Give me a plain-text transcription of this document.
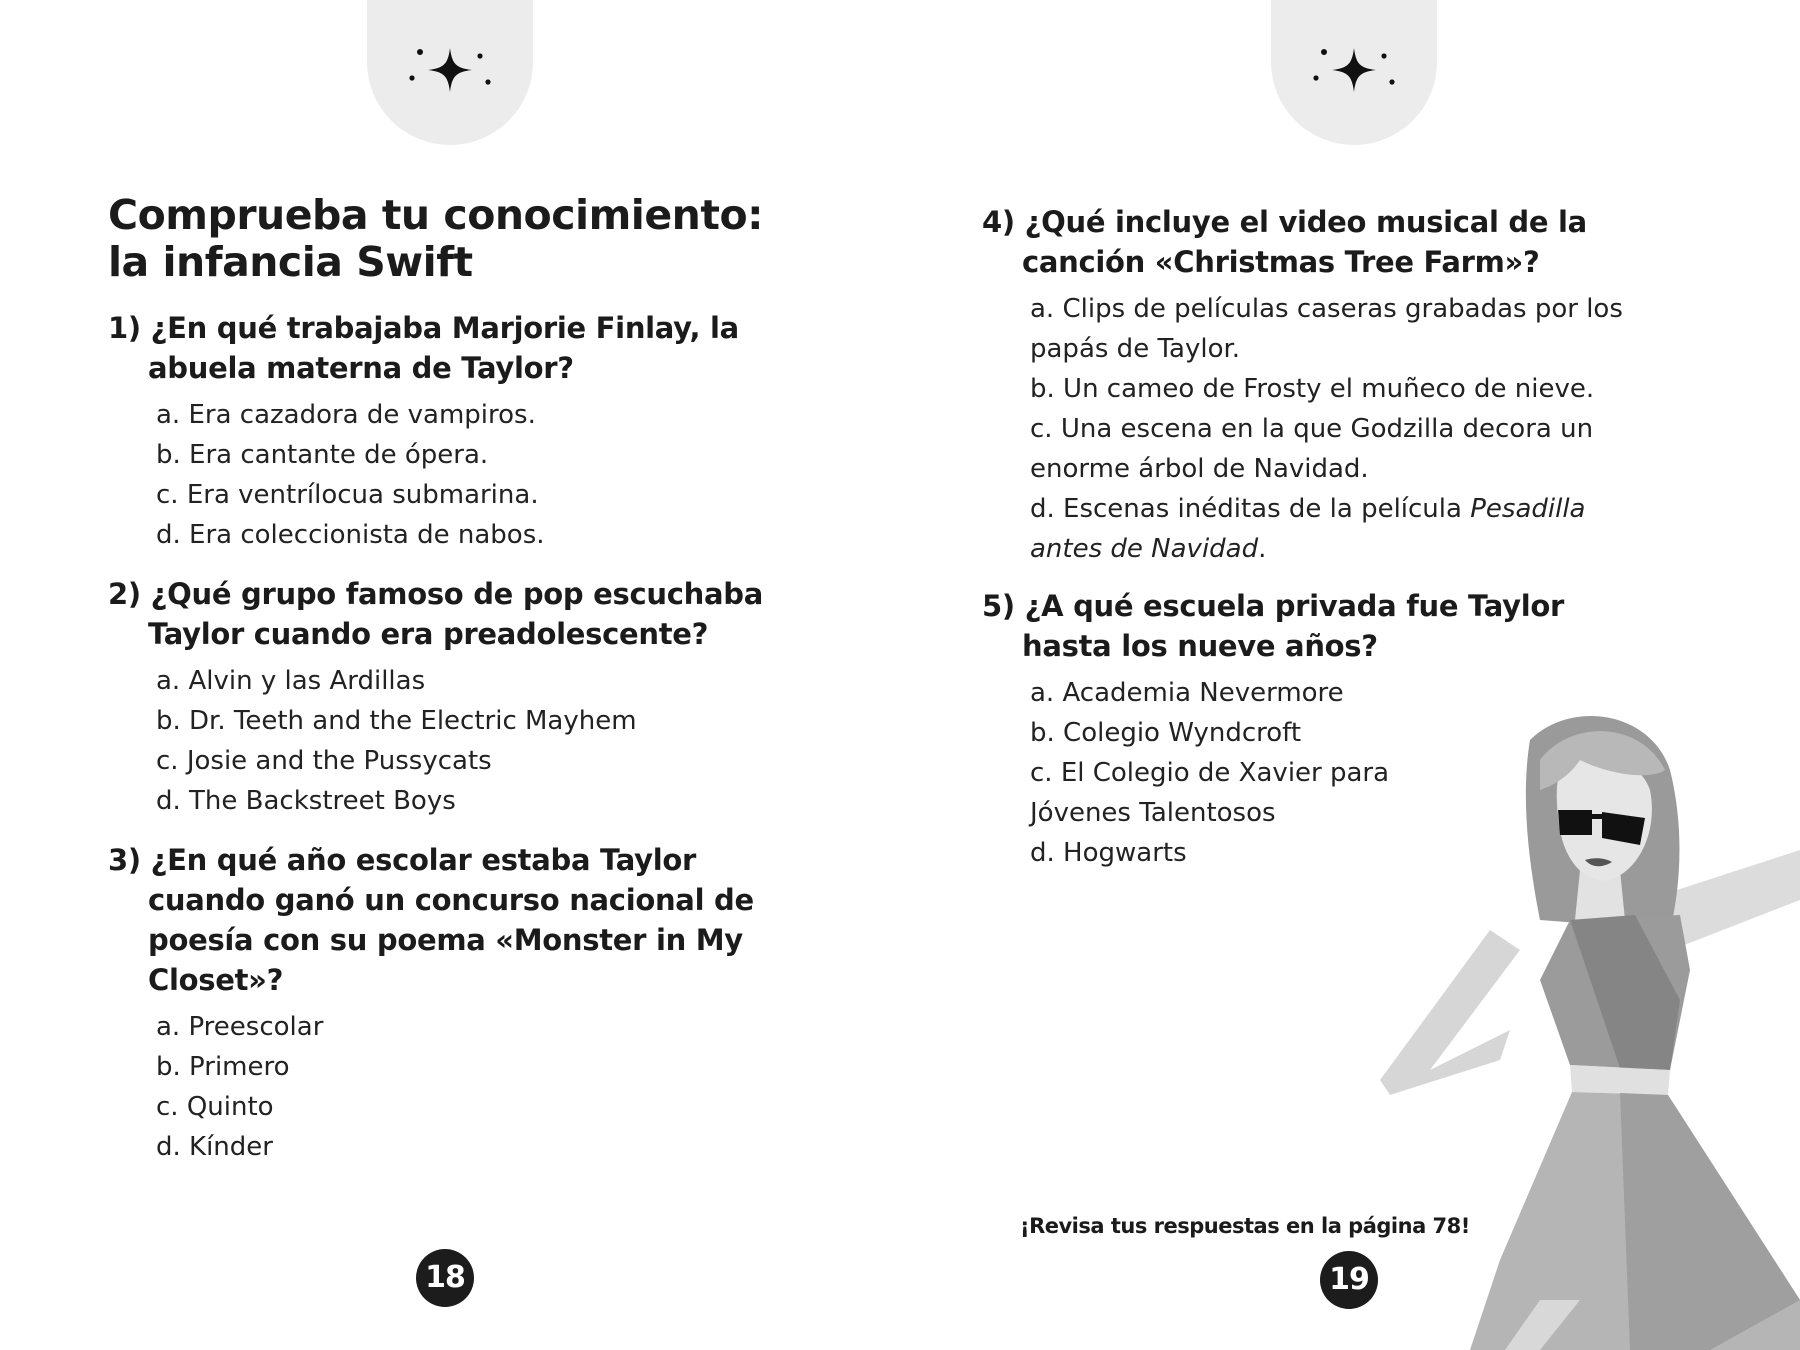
Comprueba tu conocimiento: la infancia Swift

1) ¿En qué trabajaba Marjorie Finlay, la abuela materna de Taylor?

a. Era cazadora de vampiros.
b. Era cantante de ópera.
c. Era ventrílocua submarina.
d. Era coleccionista de nabos.

2) ¿Qué grupo famoso de pop escuchaba Taylor cuando era preadolescente?

a. Alvin y las Ardillas
b. Dr. Teeth and the Electric Mayhem
c. Josie and the Pussycats
d. The Backstreet Boys

3) ¿En qué año escolar estaba Taylor cuando ganó un concurso nacional de poesía con su poema «Monster in My Closet»?

a. Preescolar
b. Primero
c. Quinto
d. Kínder
18

4) ¿Qué incluye el video musical de la canción «Christmas Tree Farm»?

a. Clips de películas caseras grabadas por los papás de Taylor.
b. Un cameo de Frosty el muñeco de nieve.
c. Una escena en la que Godzilla decora un enorme árbol de Navidad.
d. Escenas inéditas de la película Pesadilla antes de Navidad.

5) ¿A qué escuela privada fue Taylor hasta los nueve años?

a. Academia Nevermore
b. Colegio Wyndcroft
c. El Colegio de Xavier para
Jóvenes Talentosos
d. Hogwarts

¡Revisa tus respuestas en la página 78!

19
